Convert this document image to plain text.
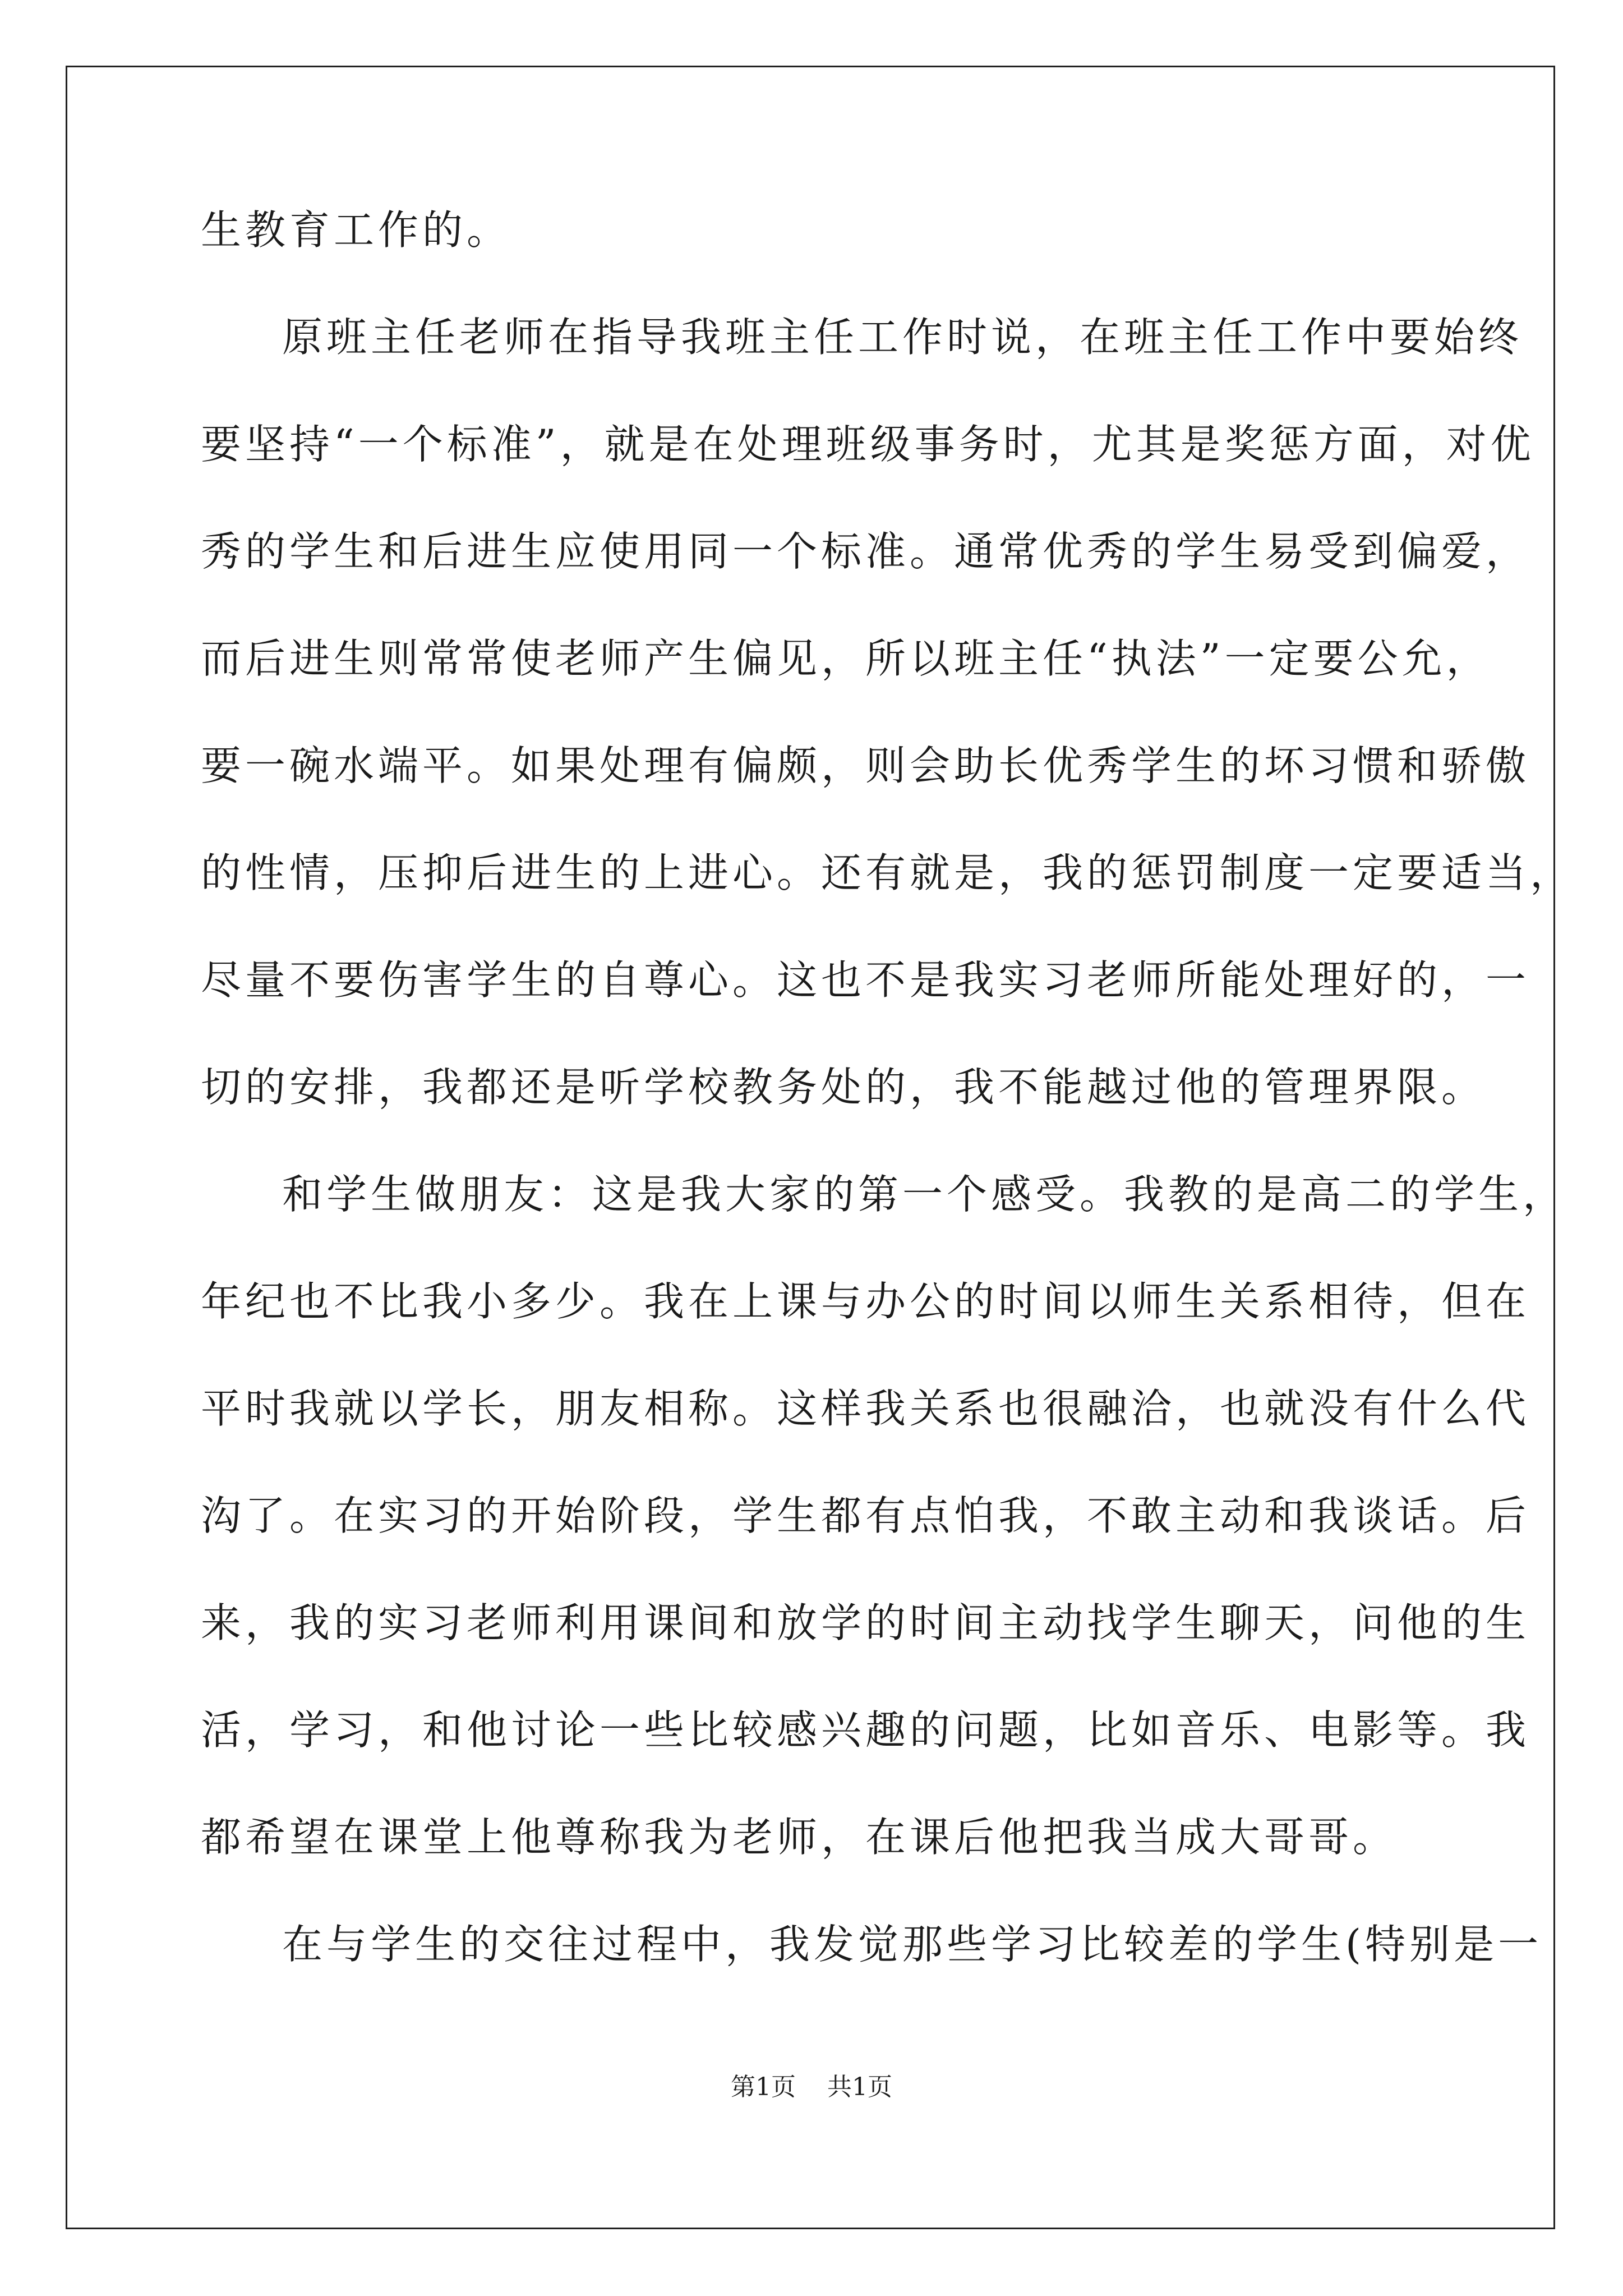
生教育工作的。
原班主任老师在指导我班主任工作时说，在班主任工作中要始终
要坚持“一个标准”，就是在处理班级事务时，尤其是奖惩方面，对优
秀的学生和后进生应使用同一个标准。通常优秀的学生易受到偏爱，
而后进生则常常使老师产生偏见，所以班主任“执法”一定要公允，
要一碗水端平。如果处理有偏颇，则会助长优秀学生的坏习惯和骄傲
的性情，压抑后进生的上进心。还有就是，我的惩罚制度一定要适当，
尽量不要伤害学生的自尊心。这也不是我实习老师所能处理好的，一
切的安排，我都还是听学校教务处的，我不能越过他的管理界限。
和学生做朋友：这是我大家的第一个感受。我教的是高二的学生，
年纪也不比我小多少。我在上课与办公的时间以师生关系相待，但在
平时我就以学长，朋友相称。这样我关系也很融洽，也就没有什么代
沟了。在实习的开始阶段，学生都有点怕我，不敢主动和我谈话。后
来，我的实习老师利用课间和放学的时间主动找学生聊天，问他的生
活，学习，和他讨论一些比较感兴趣的问题，比如音乐、电影等。我
都希望在课堂上他尊称我为老师，在课后他把我当成大哥哥。
在与学生的交往过程中，我发觉那些学习比较差的学生(特别是一
第1页 共1页
